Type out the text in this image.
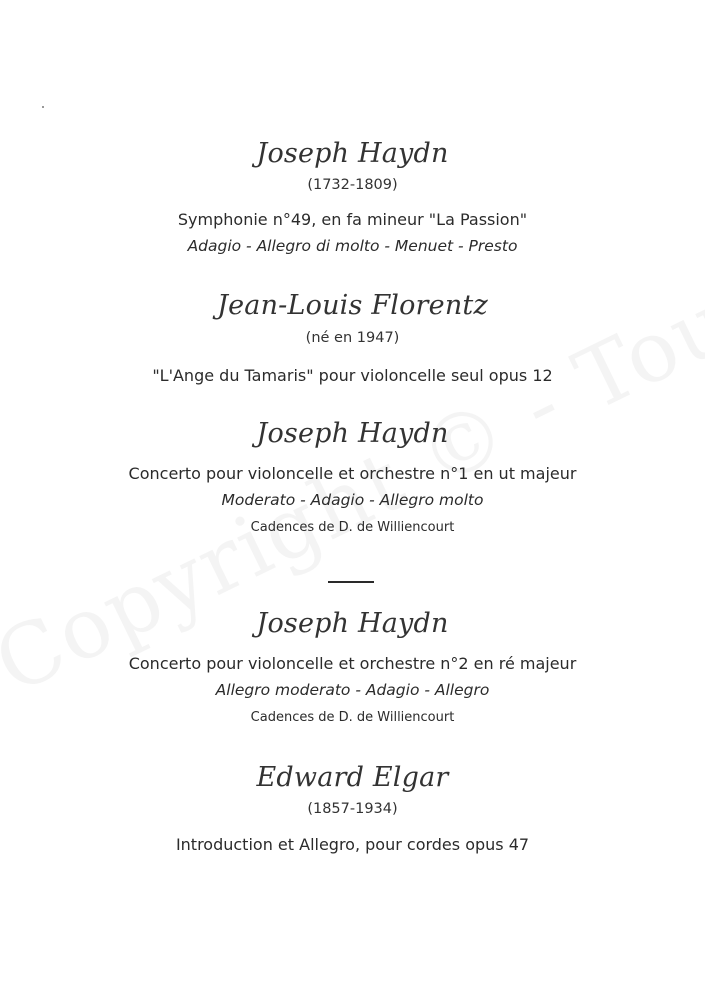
Joseph Haydn
(1732-1809)
Symphonie n°49, en fa mineur "La Passion"
Adagio - Allegro di molto - Menuet - Presto
Jean-Louis Florentz
(né en 1947)
"L'Ange du Tamaris" pour violoncelle seul opus 12
Joseph Haydn
Concerto pour violoncelle et orchestre n°1 en ut majeur
Moderato - Adagio - Allegro molto
Cadences de D. de Williencourt
Joseph Haydn
Concerto pour violoncelle et orchestre n°2 en ré majeur
Allegro moderato - Adagio - Allegro
Cadences de D. de Williencourt
Edward Elgar
(1857-1934)
Introduction et Allegro, pour cordes opus 47
